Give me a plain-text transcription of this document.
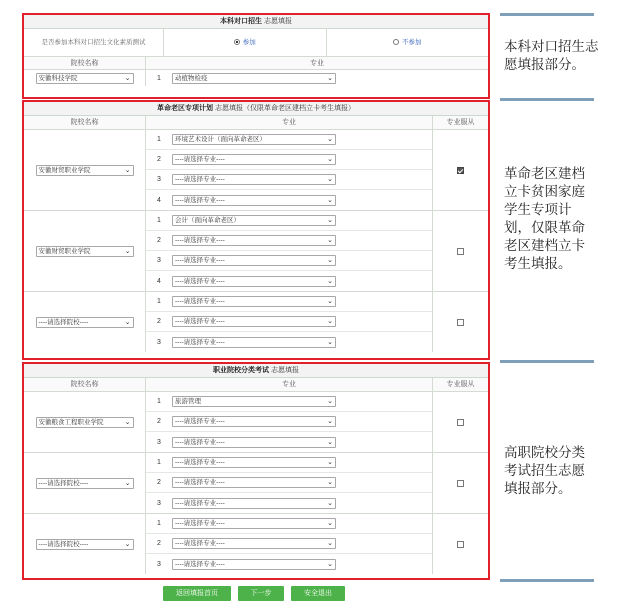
本科对口招生 志愿填报
是否参加本科对口招生文化素质测试	参加	不参加
院校名称
安徽科技学院	⌄
专业
1	动植物检疫	⌄
革命老区专项计划 志愿填报（仅限革命老区建档立卡考生填报）
院校名称	专业	专业服从
安徽财贸职业学院	⌄
1	环境艺术设计（面向革命老区）	⌄
2	----请选择专业----	⌄
3	----请选择专业----	⌄
4	----请选择专业----	⌄
安徽财贸职业学院	⌄
1	会计（面向革命老区）	⌄
2	----请选择专业----	⌄
3	----请选择专业----	⌄
4	----请选择专业----	⌄
----请选择院校----	⌄
1	----请选择专业----	⌄
2	----请选择专业----	⌄
3	----请选择专业----	⌄
职业院校分类考试 志愿填报
院校名称	专业	专业服从
安徽粮食工程职业学院	⌄
1	旅游管理	⌄
2	----请选择专业----	⌄
3	----请选择专业----	⌄
----请选择院校----	⌄
1	----请选择专业----	⌄
2	----请选择专业----	⌄
3	----请选择专业----	⌄
----请选择院校----	⌄
1	----请选择专业----	⌄
2	----请选择专业----	⌄
3	----请选择专业----	⌄
返回填报首页	下一步	安全退出
本科对口招生志愿填报部分。
革命老区建档立卡贫困家庭学生专项计划，仅限革命老区建档立卡考生填报。
高职院校分类考试招生志愿填报部分。
